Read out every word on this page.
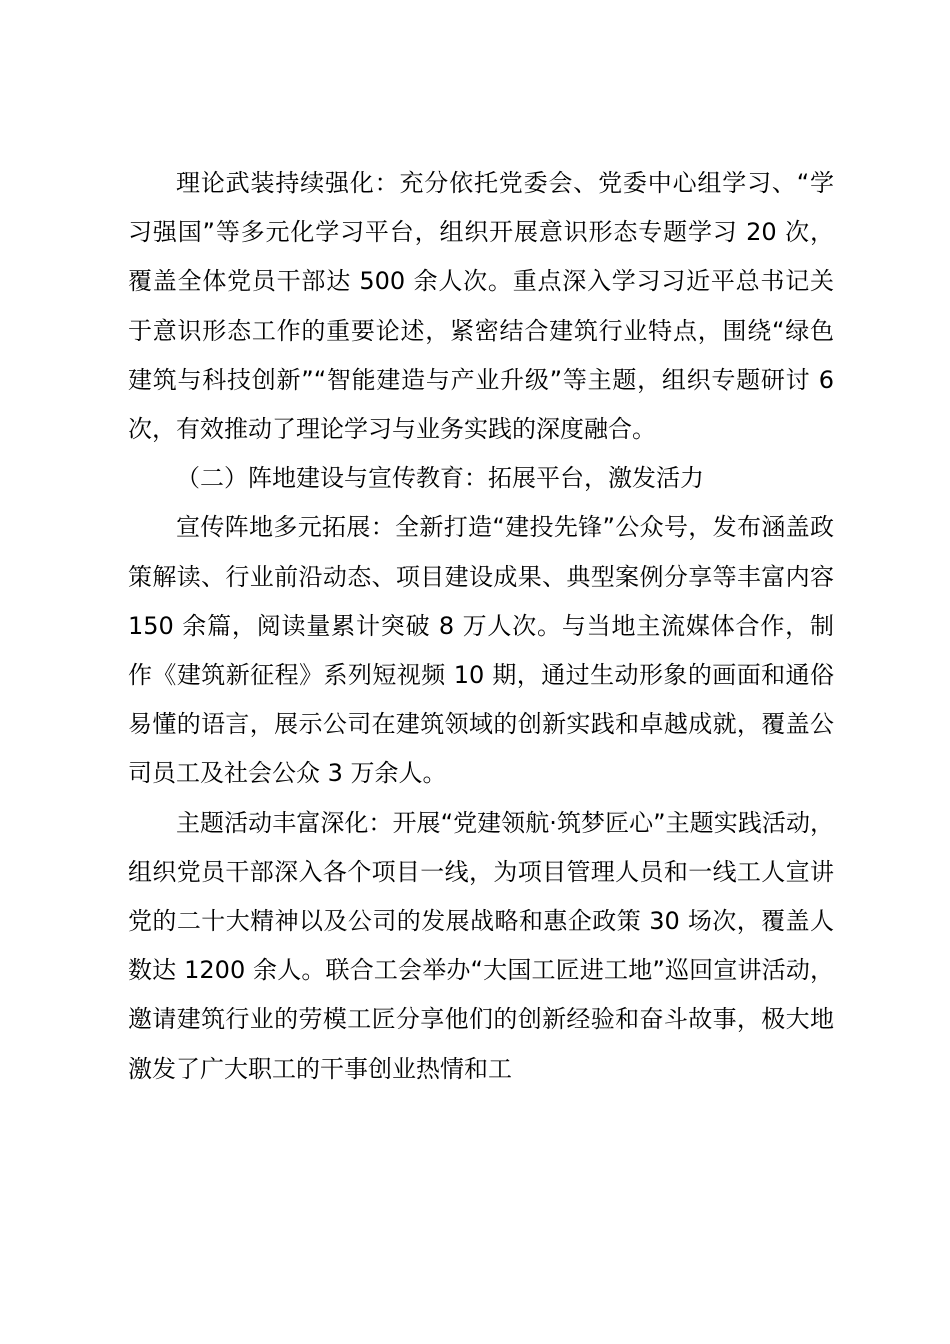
理论武装持续强化：充分依托党委会、党委中心组学习、“学习强国”等多元化学习平台，组织开展意识形态专题学习 20 次，覆盖全体党员干部达 500 余人次。重点深入学习习近平总书记关于意识形态工作的重要论述，紧密结合建筑行业特点，围绕“绿色建筑与科技创新”“智能建造与产业升级”等主题，组织专题研讨 6 次，有效推动了理论学习与业务实践的深度融合。

（二）阵地建设与宣传教育：拓展平台，激发活力

宣传阵地多元拓展：全新打造“建投先锋”公众号，发布涵盖政策解读、行业前沿动态、项目建设成果、典型案例分享等丰富内容 150 余篇，阅读量累计突破 8 万人次。与当地主流媒体合作，制作《建筑新征程》系列短视频 10 期，通过生动形象的画面和通俗易懂的语言，展示公司在建筑领域的创新实践和卓越成就，覆盖公司员工及社会公众 3 万余人。

主题活动丰富深化：开展“党建领航·筑梦匠心”主题实践活动，组织党员干部深入各个项目一线，为项目管理人员和一线工人宣讲党的二十大精神以及公司的发展战略和惠企政策 30 场次，覆盖人数达 1200 余人。联合工会举办“大国工匠进工地”巡回宣讲活动，邀请建筑行业的劳模工匠分享他们的创新经验和奋斗故事，极大地激发了广大职工的干事创业热情和工
